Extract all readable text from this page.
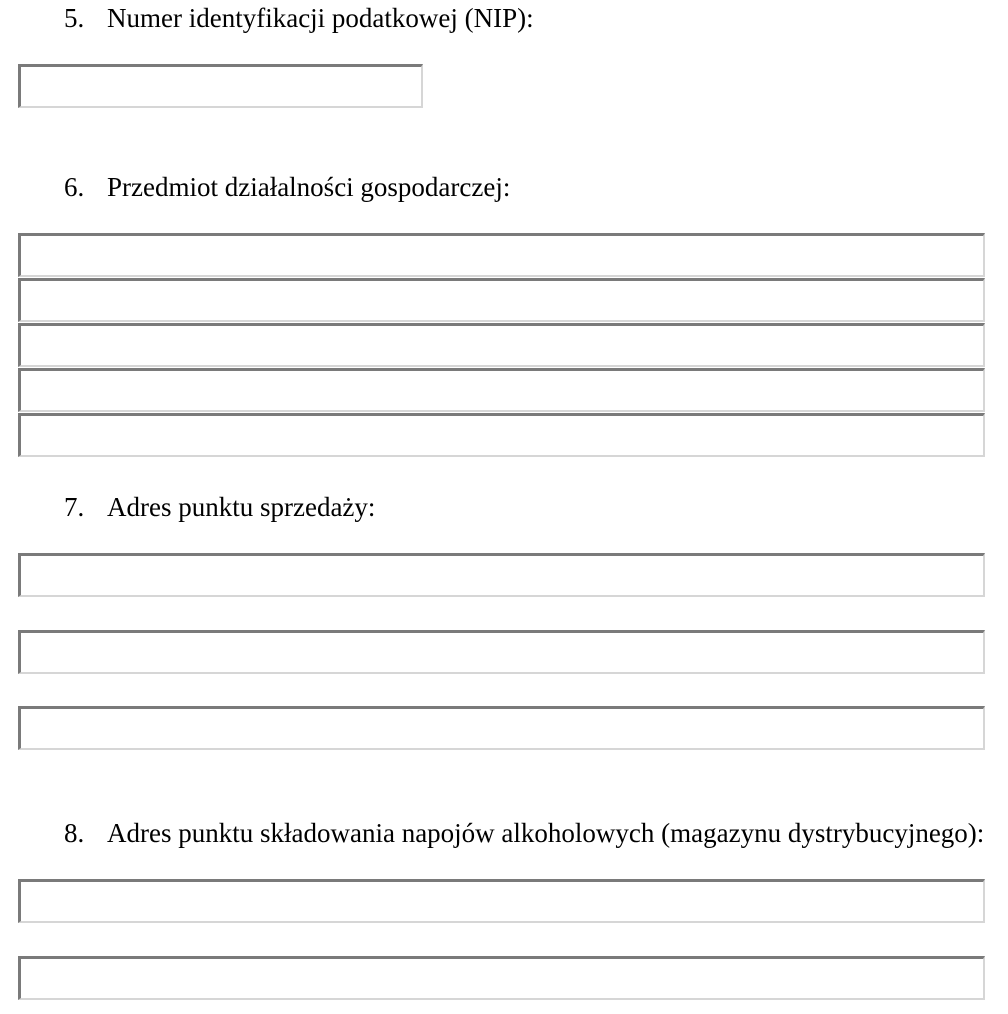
5. Numer identyfikacji podatkowej (NIP):

6. Przedmiot działalności gospodarczej:

7. Adres punktu sprzedaży:

8. Adres punktu składowania napojów alkoholowych (magazynu dystrybucyjnego):
